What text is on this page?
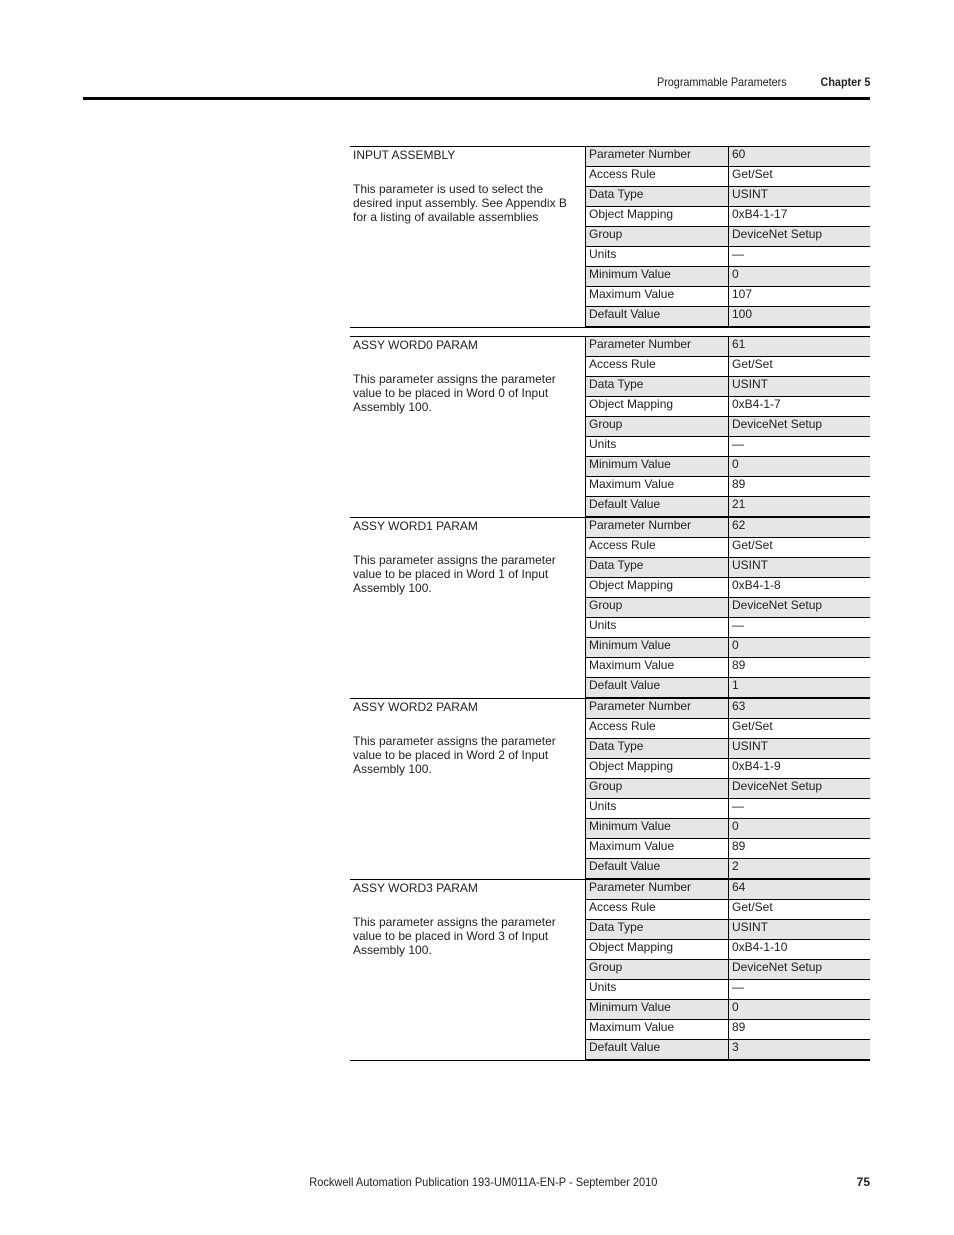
Programmable Parameters	Chapter 5
INPUT ASSEMBLY
This parameter is used to select the desired input assembly. See Appendix B for a listing of available assemblies
Parameter Number	60
Access Rule	Get/Set
Data Type	USINT
Object Mapping	0xB4-1-17
Group	DeviceNet Setup
Units	—
Minimum Value	0
Maximum Value	107
Default Value	100
ASSY WORD0 PARAM
This parameter assigns the parameter value to be placed in Word 0 of Input Assembly 100.
Parameter Number	61
Access Rule	Get/Set
Data Type	USINT
Object Mapping	0xB4-1-7
Group	DeviceNet Setup
Units	—
Minimum Value	0
Maximum Value	89
Default Value	21
ASSY WORD1 PARAM
This parameter assigns the parameter value to be placed in Word 1 of Input Assembly 100.
Parameter Number	62
Access Rule	Get/Set
Data Type	USINT
Object Mapping	0xB4-1-8
Group	DeviceNet Setup
Units	—
Minimum Value	0
Maximum Value	89
Default Value	1
ASSY WORD2 PARAM
This parameter assigns the parameter value to be placed in Word 2 of Input Assembly 100.
Parameter Number	63
Access Rule	Get/Set
Data Type	USINT
Object Mapping	0xB4-1-9
Group	DeviceNet Setup
Units	—
Minimum Value	0
Maximum Value	89
Default Value	2
ASSY WORD3 PARAM
This parameter assigns the parameter value to be placed in Word 3 of Input Assembly 100.
Parameter Number	64
Access Rule	Get/Set
Data Type	USINT
Object Mapping	0xB4-1-10
Group	DeviceNet Setup
Units	—
Minimum Value	0
Maximum Value	89
Default Value	3
Rockwell Automation Publication 193-UM011A-EN-P - September 2010	75
